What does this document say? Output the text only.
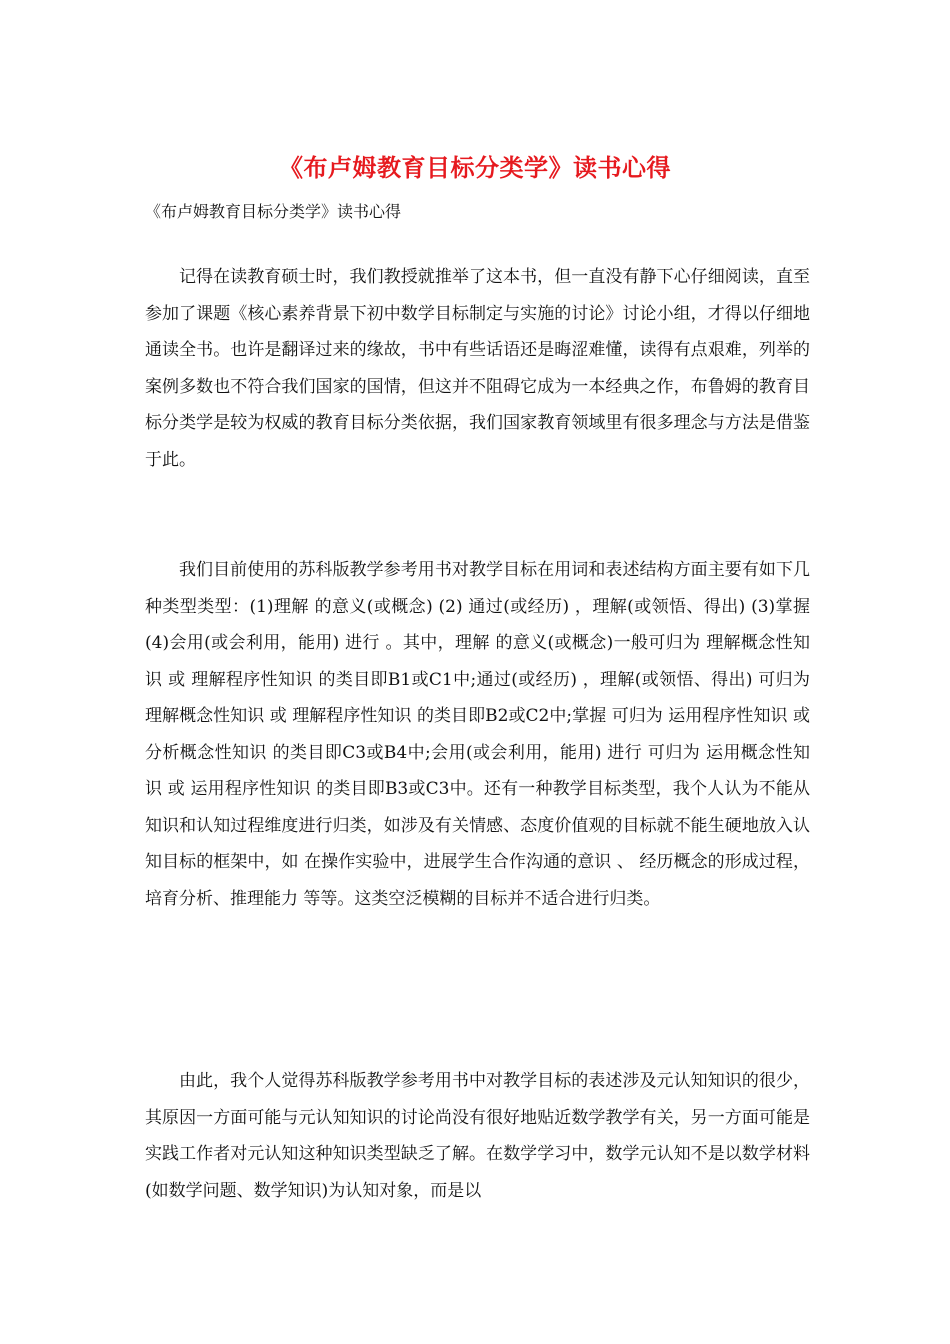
《布卢姆教育目标分类学》读书心得
《布卢姆教育目标分类学》读书心得

记得在读教育硕士时，我们教授就推举了这本书，但一直没有静下心仔细阅读，直至参加了课题《核心素养背景下初中数学目标制定与实施的讨论》讨论小组，才得以仔细地通读全书。也许是翻译过来的缘故，书中有些话语还是晦涩难懂，读得有点艰难，列举的案例多数也不符合我们国家的国情，但这并不阻碍它成为一本经典之作，布鲁姆的教育目标分类学是较为权威的教育目标分类依据，我们国家教育领域里有很多理念与方法是借鉴于此。

我们目前使用的苏科版教学参考用书对教学目标在用词和表述结构方面主要有如下几种类型类型：(1)理解 的意义(或概念) (2) 通过(或经历) ，理解(或领悟、得出) (3)掌握 (4)会用(或会利用，能用) 进行 。其中，理解 的意义(或概念)一般可归为 理解概念性知识 或 理解程序性知识 的类目即B1或C1中;通过(或经历) ，理解(或领悟、得出) 可归为 理解概念性知识 或 理解程序性知识 的类目即B2或C2中;掌握 可归为 运用程序性知识 或 分析概念性知识 的类目即C3或B4中;会用(或会利用，能用) 进行 可归为 运用概念性知识 或 运用程序性知识 的类目即B3或C3中。还有一种教学目标类型，我个人认为不能从知识和认知过程维度进行归类，如涉及有关情感、态度价值观的目标就不能生硬地放入认知目标的框架中，如 在操作实验中，进展学生合作沟通的意识 、 经历概念的形成过程，培育分析、推理能力 等等。这类空泛模糊的目标并不适合进行归类。

由此，我个人觉得苏科版教学参考用书中对教学目标的表述涉及元认知知识的很少，其原因一方面可能与元认知知识的讨论尚没有很好地贴近数学教学有关，另一方面可能是实践工作者对元认知这种知识类型缺乏了解。在数学学习中，数学元认知不是以数学材料(如数学问题、数学知识)为认知对象，而是以
